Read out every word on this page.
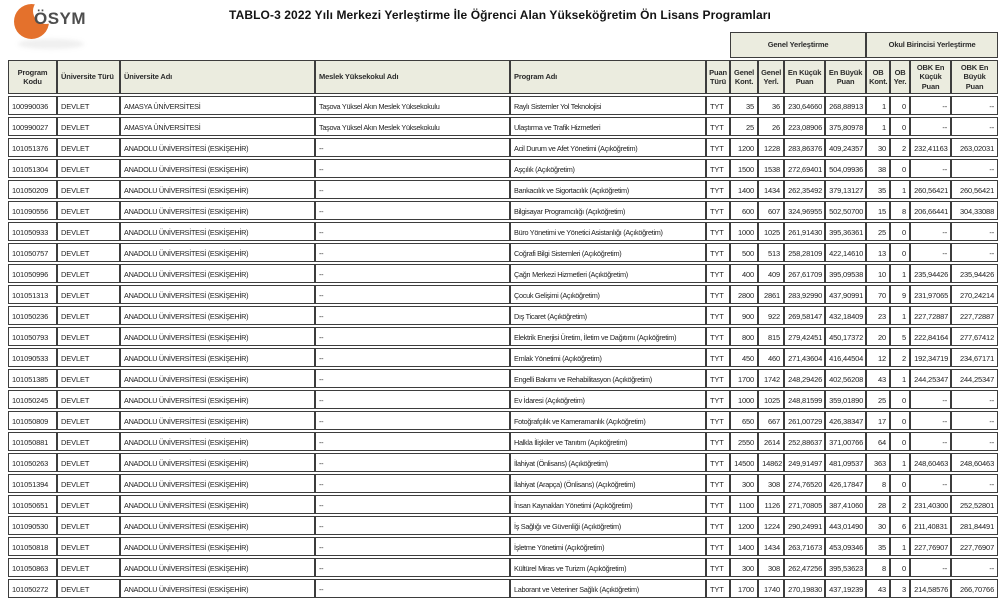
ÖSYM	TABLO-3 2022 Yılı Merkezi Yerleştirme İle Öğrenci Alan Yükseköğretim Ön Lisans Programları
						Genel Yerleştirme				Okul Birincisi Yerleştirme			
Program Kodu	Üniversite Türü	Üniversite Adı	Meslek Yüksekokul Adı	Program Adı	Puan Türü	Genel Kont.	Genel Yerl.	En Küçük Puan	En Büyük Puan	OB Kont.	OB Yer.	OBK En Küçük Puan	OBK En Büyük Puan
100990036	DEVLET	AMASYA ÜNİVERSİTESİ	Taşova Yüksel Akın Meslek Yüksekokulu	Raylı Sistemler Yol Teknolojisi	TYT	35	36	230,64660	268,88913	1	0	--	--
100990027	DEVLET	AMASYA ÜNİVERSİTESİ	Taşova Yüksel Akın Meslek Yüksekokulu	Ulaştırma ve Trafik Hizmetleri	TYT	25	26	223,08906	375,80978	1	0	--	--
101051376	DEVLET	ANADOLU ÜNİVERSİTESİ (ESKİŞEHİR)	--	Acil Durum ve Afet Yönetimi (Açıköğretim)	TYT	1200	1228	283,86376	409,24357	30	2	232,41163	263,02031
101051304	DEVLET	ANADOLU ÜNİVERSİTESİ (ESKİŞEHİR)	--	Aşçılık (Açıköğretim)	TYT	1500	1538	272,69401	504,09936	38	0	--	--
101050209	DEVLET	ANADOLU ÜNİVERSİTESİ (ESKİŞEHİR)	--	Bankacılık ve Sigortacılık (Açıköğretim)	TYT	1400	1434	262,35492	379,13127	35	1	260,56421	260,56421
101090556	DEVLET	ANADOLU ÜNİVERSİTESİ (ESKİŞEHİR)	--	Bilgisayar Programcılığı (Açıköğretim)	TYT	600	607	324,96955	502,50700	15	8	206,66441	304,33088
101050933	DEVLET	ANADOLU ÜNİVERSİTESİ (ESKİŞEHİR)	--	Büro Yönetimi ve Yönetici Asistanlığı (Açıköğretim)	TYT	1000	1025	261,91430	395,36361	25	0	--	--
101050757	DEVLET	ANADOLU ÜNİVERSİTESİ (ESKİŞEHİR)	--	Coğrafi Bilgi Sistemleri (Açıköğretim)	TYT	500	513	258,28109	422,14610	13	0	--	--
101050996	DEVLET	ANADOLU ÜNİVERSİTESİ (ESKİŞEHİR)	--	Çağrı Merkezi Hizmetleri (Açıköğretim)	TYT	400	409	267,61709	395,09538	10	1	235,94426	235,94426
101051313	DEVLET	ANADOLU ÜNİVERSİTESİ (ESKİŞEHİR)	--	Çocuk Gelişimi (Açıköğretim)	TYT	2800	2861	283,92990	437,90991	70	9	231,97065	270,24214
101050236	DEVLET	ANADOLU ÜNİVERSİTESİ (ESKİŞEHİR)	--	Dış Ticaret (Açıköğretim)	TYT	900	922	269,58147	432,18409	23	1	227,72887	227,72887
101050793	DEVLET	ANADOLU ÜNİVERSİTESİ (ESKİŞEHİR)	--	Elektrik Enerjisi Üretim, İletim ve Dağıtımı (Açıköğretim)	TYT	800	815	279,42451	450,17372	20	5	222,84164	277,67412
101090533	DEVLET	ANADOLU ÜNİVERSİTESİ (ESKİŞEHİR)	--	Emlak Yönetimi (Açıköğretim)	TYT	450	460	271,43604	416,44504	12	2	192,34719	234,67171
101051385	DEVLET	ANADOLU ÜNİVERSİTESİ (ESKİŞEHİR)	--	Engelli Bakımı ve Rehabilitasyon (Açıköğretim)	TYT	1700	1742	248,29426	402,56208	43	1	244,25347	244,25347
101050245	DEVLET	ANADOLU ÜNİVERSİTESİ (ESKİŞEHİR)	--	Ev İdaresi (Açıköğretim)	TYT	1000	1025	248,81599	359,01890	25	0	--	--
101050809	DEVLET	ANADOLU ÜNİVERSİTESİ (ESKİŞEHİR)	--	Fotoğrafçılık ve Kameramanlık (Açıköğretim)	TYT	650	667	261,00729	426,38347	17	0	--	--
101050881	DEVLET	ANADOLU ÜNİVERSİTESİ (ESKİŞEHİR)	--	Halkla İlişkiler ve Tanıtım (Açıköğretim)	TYT	2550	2614	252,88637	371,00766	64	0	--	--
101050263	DEVLET	ANADOLU ÜNİVERSİTESİ (ESKİŞEHİR)	--	İlahiyat (Önlisans) (Açıköğretim)	TYT	14500	14862	249,91497	481,09537	363	1	248,60463	248,60463
101051394	DEVLET	ANADOLU ÜNİVERSİTESİ (ESKİŞEHİR)	--	İlahiyat (Arapça) (Önlisans) (Açıköğretim)	TYT	300	308	274,76520	426,17847	8	0	--	--
101050651	DEVLET	ANADOLU ÜNİVERSİTESİ (ESKİŞEHİR)	--	İnsan Kaynakları Yönetimi (Açıköğretim)	TYT	1100	1126	271,70805	387,41060	28	2	231,40300	252,52801
101090530	DEVLET	ANADOLU ÜNİVERSİTESİ (ESKİŞEHİR)	--	İş Sağlığı ve Güvenliği (Açıköğretim)	TYT	1200	1224	290,24991	443,01490	30	6	211,40831	281,84491
101050818	DEVLET	ANADOLU ÜNİVERSİTESİ (ESKİŞEHİR)	--	İşletme Yönetimi (Açıköğretim)	TYT	1400	1434	263,71673	453,09346	35	1	227,76907	227,76907
101050863	DEVLET	ANADOLU ÜNİVERSİTESİ (ESKİŞEHİR)	--	Kültürel Miras ve Turizm (Açıköğretim)	TYT	300	308	262,47256	395,53623	8	0	--	--
101050272	DEVLET	ANADOLU ÜNİVERSİTESİ (ESKİŞEHİR)	--	Laborant ve Veteriner Sağlık (Açıköğretim)	TYT	1700	1740	270,19830	437,19239	43	3	214,58576	266,70766
